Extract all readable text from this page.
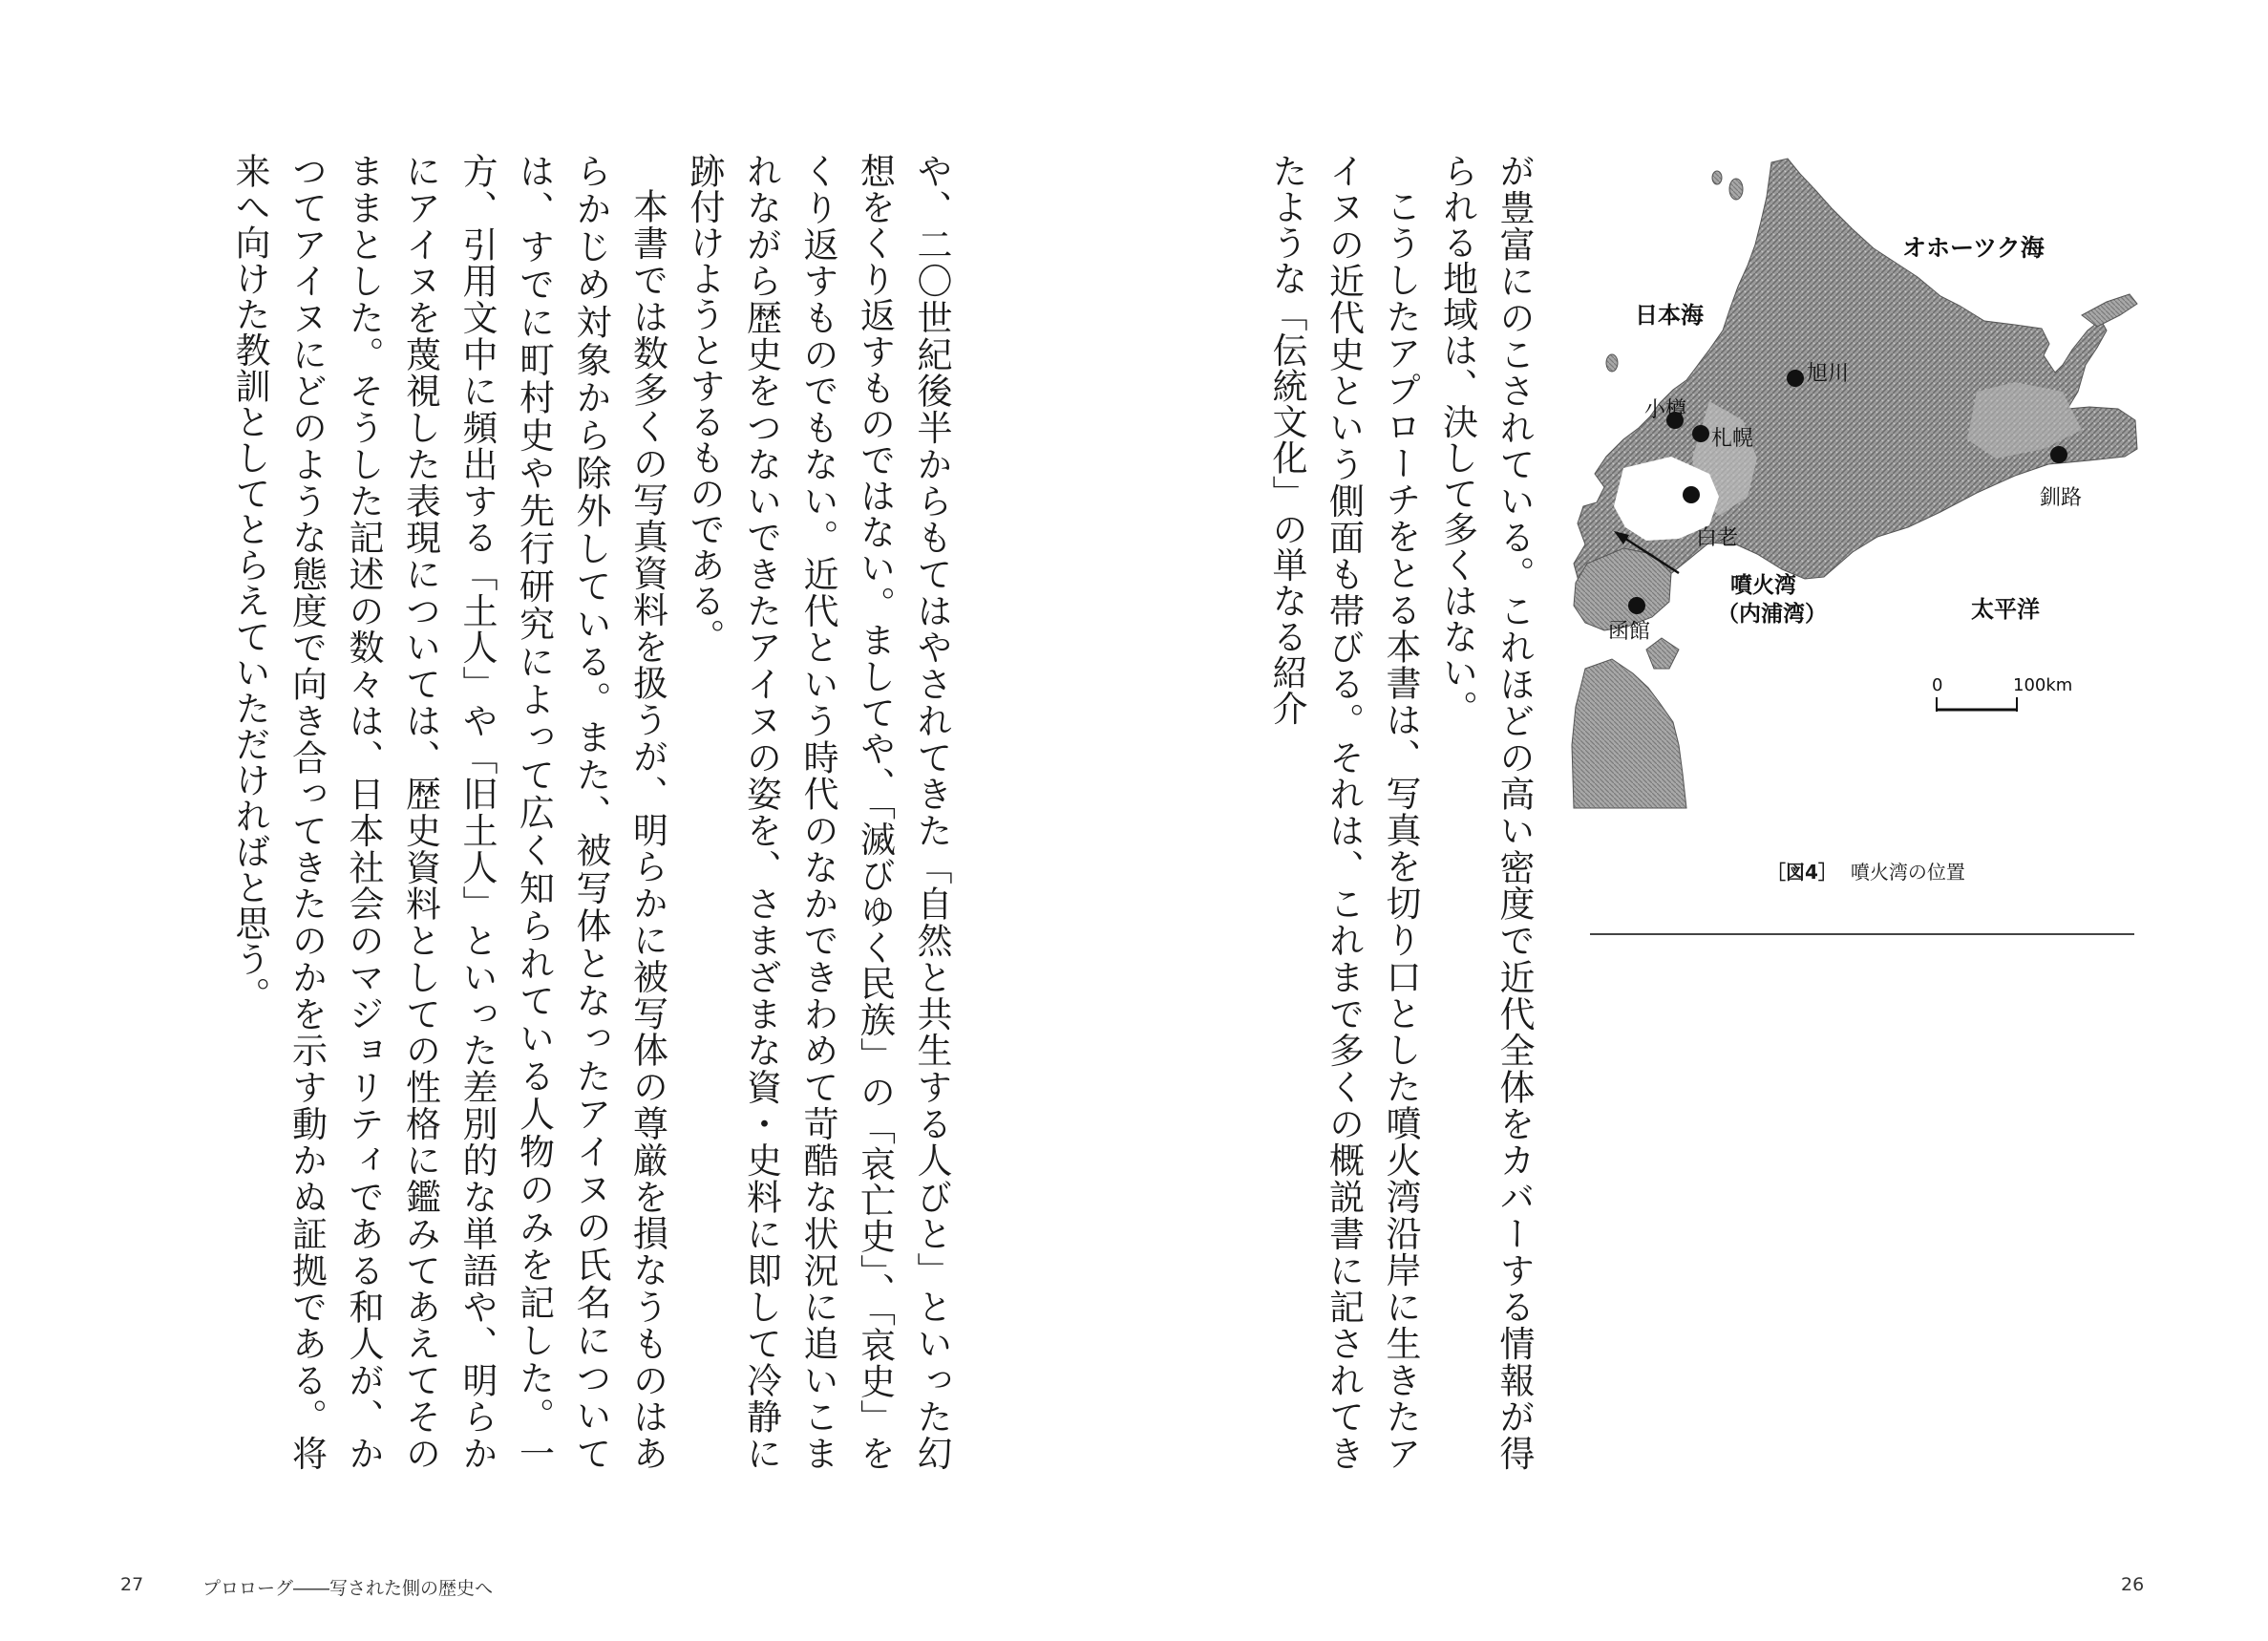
や、二〇世紀後半からもてはやされてきた「自然と共生する人びと」といった幻想をくり返すものではない。ましてや、「滅びゆく民族」の「哀亡史」、「哀史」をくり返すものでもない。近代という時代のなかできわめて苛酷な状況に追いこまれながら歴史をつないできたアイヌの姿を、さまざまな資・史料に即して冷静に跡付けようとするものである。

本書では数多くの写真資料を扱うが、明らかに被写体の尊厳を損なうものはあらかじめ対象から除外している。また、被写体となったアイヌの氏名については、すでに町村史や先行研究によって広く知られている人物のみを記した。一方、引用文中に頻出する「土人」や「旧土人」といった差別的な単語や、明らかにアイヌを蔑視した表現については、歴史資料としての性格に鑑みてあえてそのままとした。そうした記述の数々は、日本社会のマジョリティである和人が、かつてアイヌにどのような態度で向き合ってきたのかを示す動かぬ証拠である。将来へ向けた教訓としてとらえていただければと思う。	が豊富にのこされている。これほどの高い密度で近代全体をカバーする情報が得られる地域は、決して多くはない。

こうしたアプローチをとる本書は、写真を切り口とした噴火湾沿岸に生きたアイヌの近代史という側面も帯びる。それは、これまで多くの概説書に記されてきたような「伝統文化」の単なる紹介	オホーツク海
日本海
太平洋
旭川
小樽
札幌
釧路
白老
噴火湾
（内浦湾）
函館
0	100km
［図4］ 噴火湾の位置
27	プロローグ――写された側の歴史へ	26
